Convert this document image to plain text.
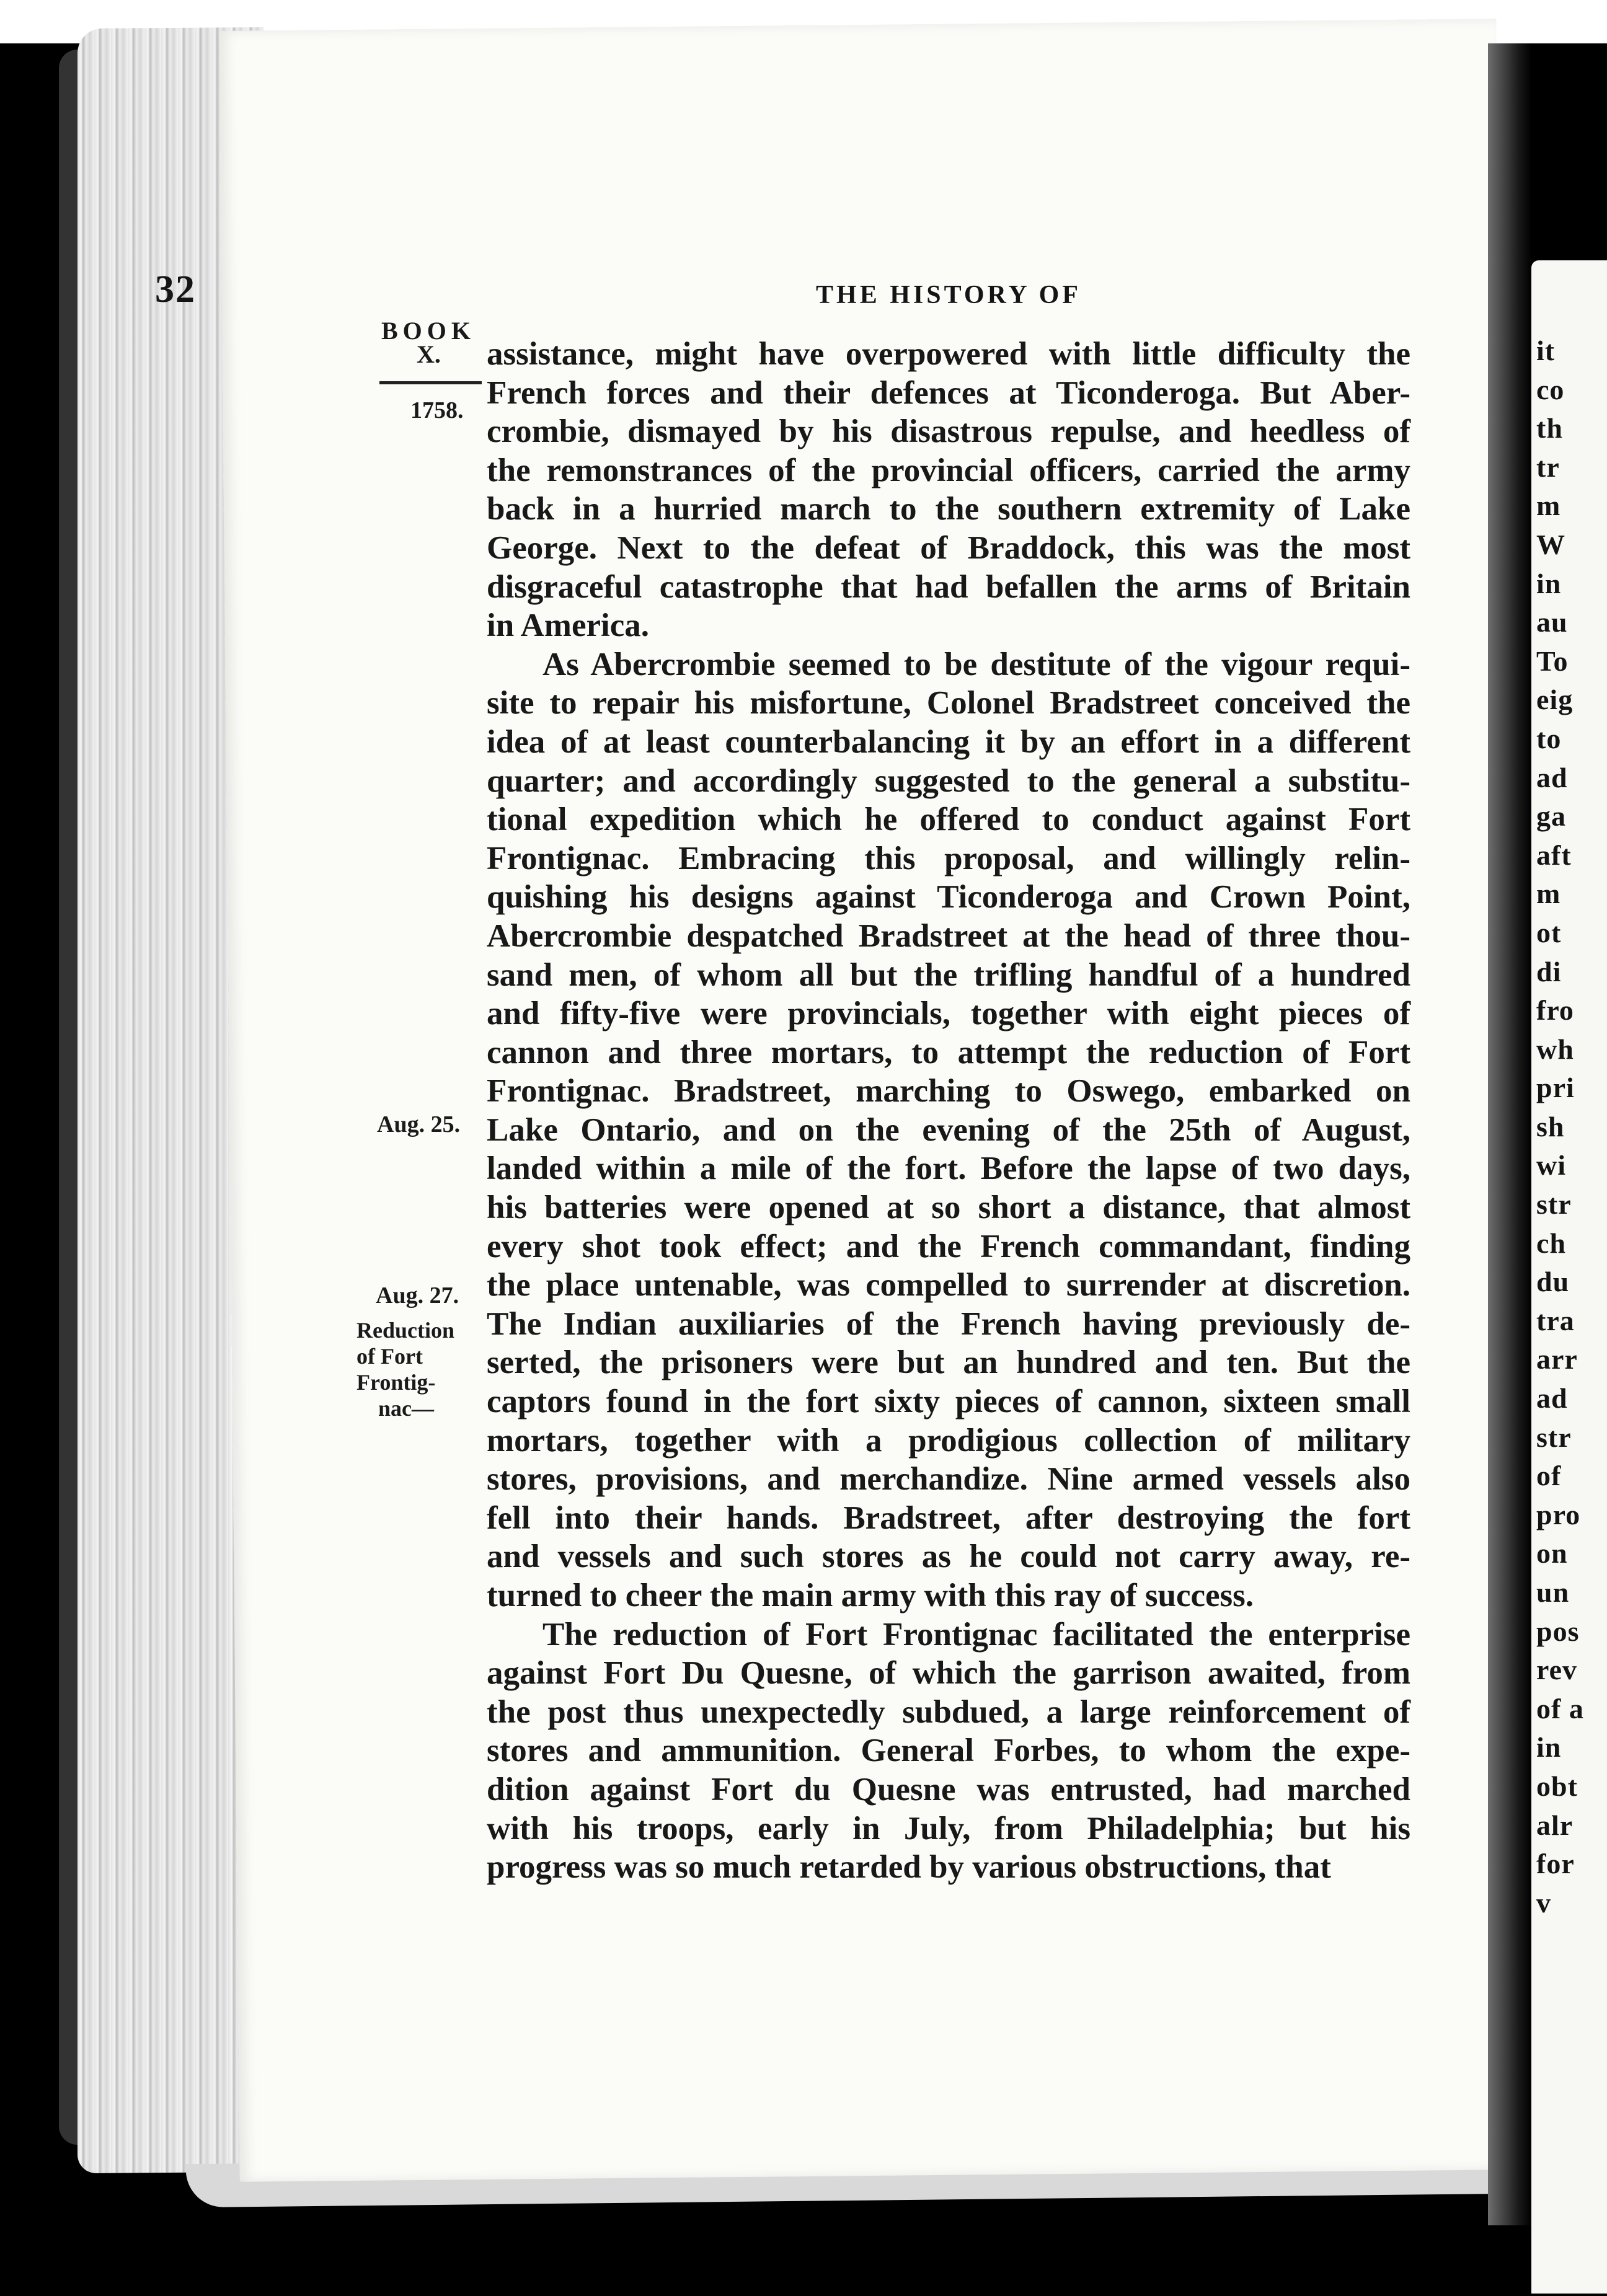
it
co
th
tr
m
W
in
au
To
eig
to
ad
ga
aft
m
ot
di
fro
wh
pri
sh
wi
str
ch
du
tra
arr
ad
str
of
pro
on
un
pos
rev
of a
in
obt
alr
for
v
32	THE HISTORY OF
BOOK
X.
1758.
Aug. 25.
Aug. 27.
Reduction
of Fort
Frontig-
nac—
assistance, might have overpowered with little difficulty the
French forces and their defences at Ticonderoga. But Aber-
crombie, dismayed by his disastrous repulse, and heedless of
the remonstrances of the provincial officers, carried the army
back in a hurried march to the southern extremity of Lake
George. Next to the defeat of Braddock, this was the most
disgraceful catastrophe that had befallen the arms of Britain
in America.
As Abercrombie seemed to be destitute of the vigour requi-
site to repair his misfortune, Colonel Bradstreet conceived the
idea of at least counterbalancing it by an effort in a different
quarter; and accordingly suggested to the general a substitu-
tional expedition which he offered to conduct against Fort
Frontignac. Embracing this proposal, and willingly relin-
quishing his designs against Ticonderoga and Crown Point,
Abercrombie despatched Bradstreet at the head of three thou-
sand men, of whom all but the trifling handful of a hundred
and fifty-five were provincials, together with eight pieces of
cannon and three mortars, to attempt the reduction of Fort
Frontignac. Bradstreet, marching to Oswego, embarked on
Lake Ontario, and on the evening of the 25th of August,
landed within a mile of the fort. Before the lapse of two days,
his batteries were opened at so short a distance, that almost
every shot took effect; and the French commandant, finding
the place untenable, was compelled to surrender at discretion.
The Indian auxiliaries of the French having previously de-
serted, the prisoners were but an hundred and ten. But the
captors found in the fort sixty pieces of cannon, sixteen small
mortars, together with a prodigious collection of military
stores, provisions, and merchandize. Nine armed vessels also
fell into their hands. Bradstreet, after destroying the fort
and vessels and such stores as he could not carry away, re-
turned to cheer the main army with this ray of success.
The reduction of Fort Frontignac facilitated the enterprise
against Fort Du Quesne, of which the garrison awaited, from
the post thus unexpectedly subdued, a large reinforcement of
stores and ammunition. General Forbes, to whom the expe-
dition against Fort du Quesne was entrusted, had marched
with his troops, early in July, from Philadelphia; but his
progress was so much retarded by various obstructions, that
